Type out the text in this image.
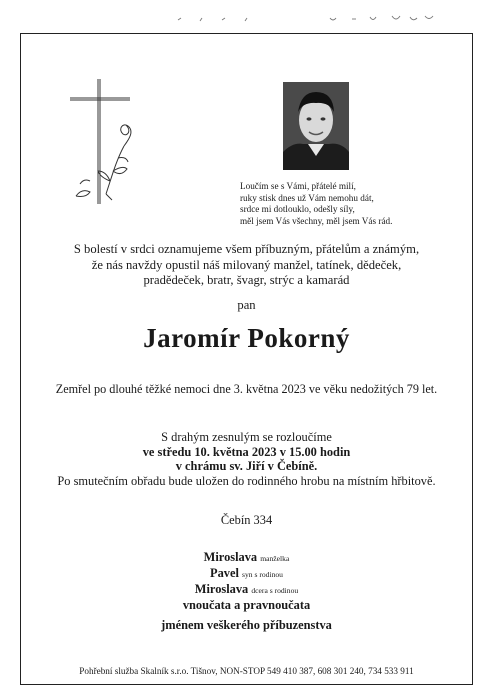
Loučím se s Vámi, přátelé milí,
ruky stisk dnes už Vám nemohu dát,
srdce mi dotlouklo, odešly síly,
měl jsem Vás všechny, měl jsem Vás rád.
S bolestí v srdci oznamujeme všem příbuzným, přátelům a známým,
že nás navždy opustil náš milovaný manžel, tatínek, dědeček,
pradědeček, bratr, švagr, strýc a kamarád
pan
Jaromír Pokorný
Zemřel po dlouhé těžké nemoci dne 3. května 2023 ve věku nedožitých 79 let.
S drahým zesnulým se rozloučíme
ve středu 10. května 2023 v 15.00 hodin
v chrámu sv. Jiří v Čebíně.
Po smutečním obřadu bude uložen do rodinného hrobu na místním hřbitově.
Čebín 334
Miroslava manželka
Pavel syn s rodinou
Miroslava dcera s rodinou
vnoučata a pravnoučata
jménem veškerého příbuzenstva
Pohřební služba Skalník s.r.o. Tišnov, NON-STOP 549 410 387, 608 301 240, 734 533 911
